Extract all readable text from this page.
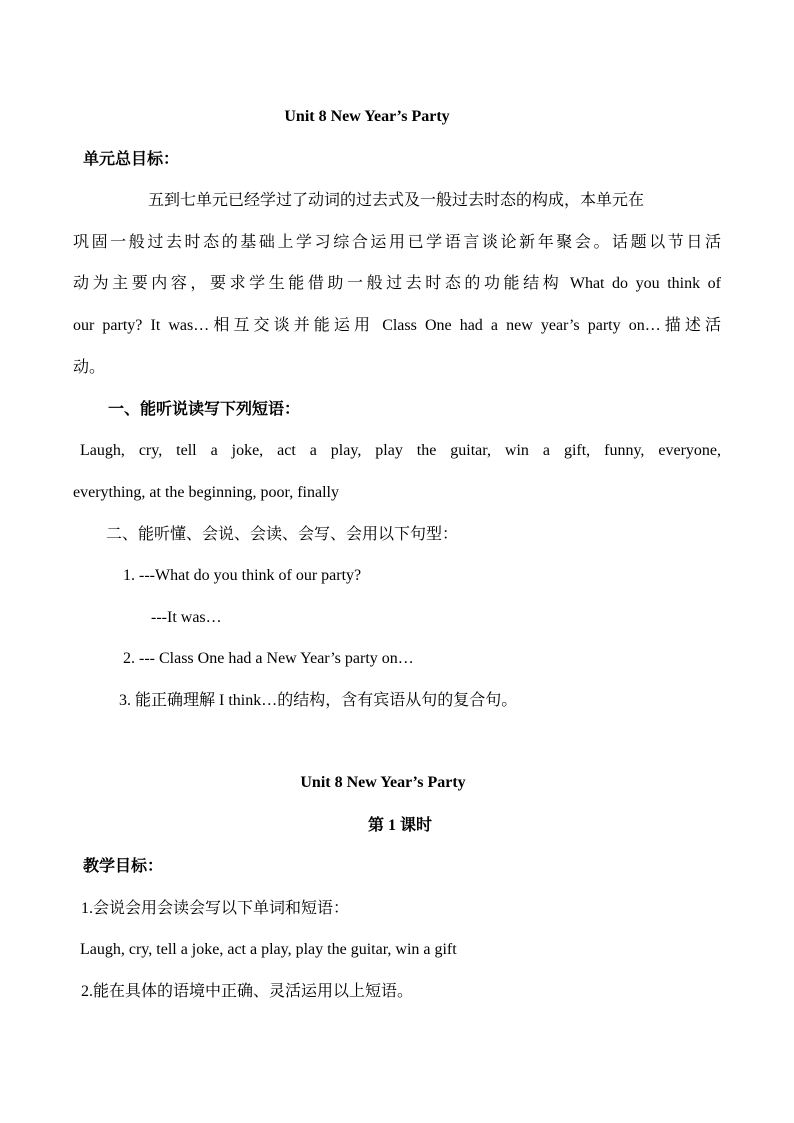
Unit 8 New Year’s Party
单元总目标：
五到七单元已经学过了动词的过去式及一般过去时态的构成，本单元在
巩固一般过去时态的基础上学习综合运用已学语言谈论新年聚会。话题以节日活
动为主要内容，要求学生能借助一般过去时态的功能结构 What do you think of
our party? It was…相互交谈并能运用 Class One had a new year’s party on…描述活
动。
一、能听说读写下列短语：
Laugh, cry, tell a joke, act a play, play the guitar, win a gift, funny, everyone,
everything, at the beginning, poor, finally
二、能听懂、会说、会读、会写、会用以下句型：
1. ---What do you think of our party?
---It was…
2. --- Class One had a New Year’s party on…
3. 能正确理解 I think…的结构，含有宾语从句的复合句。
Unit 8 New Year’s Party
第 1 课时
教学目标：
1.会说会用会读会写以下单词和短语：
Laugh, cry, tell a joke, act a play, play the guitar, win a gift
2.能在具体的语境中正确、灵活运用以上短语。
